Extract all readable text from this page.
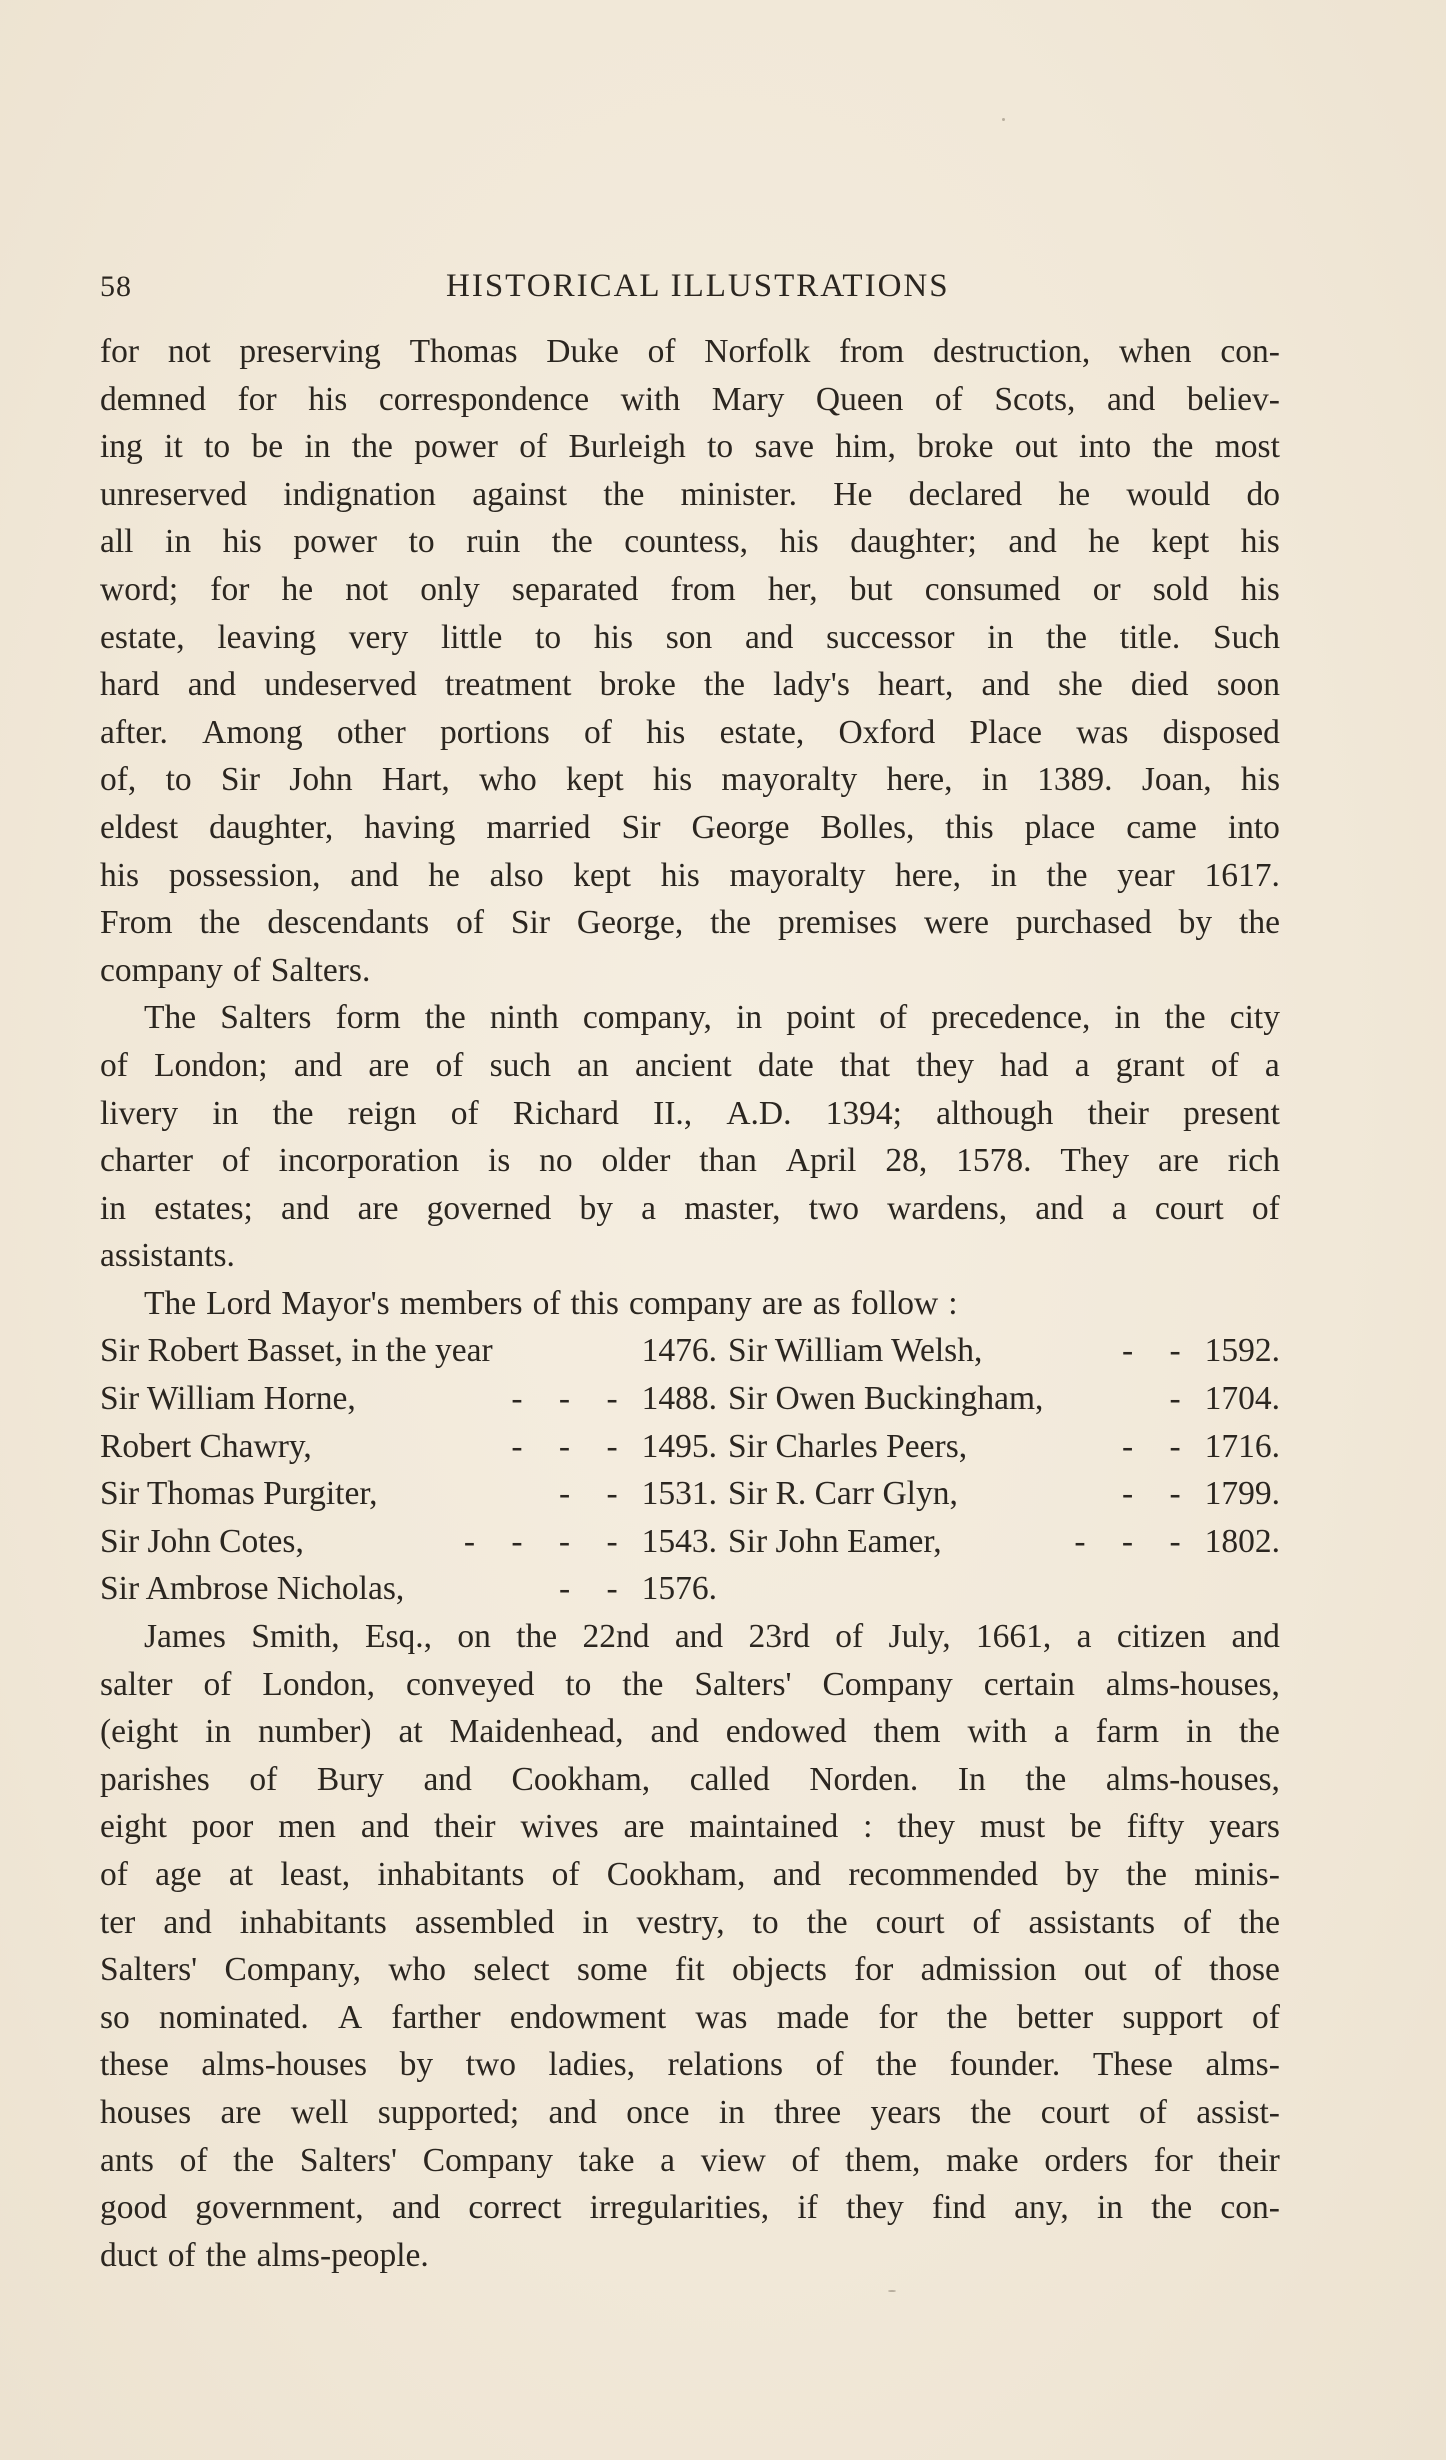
58	HISTORICAL ILLUSTRATIONS
for not preserving Thomas Duke of Norfolk from destruction, when con-
demned for his correspondence with Mary Queen of Scots, and believ-
ing it to be in the power of Burleigh to save him, broke out into the most
unreserved indignation against the minister. He declared he would do
all in his power to ruin the countess, his daughter; and he kept his
word; for he not only separated from her, but consumed or sold his
estate, leaving very little to his son and successor in the title. Such
hard and undeserved treatment broke the lady's heart, and she died soon
after. Among other portions of his estate, Oxford Place was disposed
of, to Sir John Hart, who kept his mayoralty here, in 1389. Joan, his
eldest daughter, having married Sir George Bolles, this place came into
his possession, and he also kept his mayoralty here, in the year 1617.
From the descendants of Sir George, the premises were purchased by the
company of Salters.
The Salters form the ninth company, in point of precedence, in the city
of London; and are of such an ancient date that they had a grant of a
livery in the reign of Richard II., A.D. 1394; although their present
charter of incorporation is no older than April 28, 1578. They are rich
in estates; and are governed by a master, two wardens, and a court of
assistants.
The Lord Mayor's members of this company are as follow :
Sir Robert Basset, in the year	1476. Sir William Welsh,	- - 1592.
Sir William Horne,	- - - 1488. Sir Owen Buckingham,	- 1704.
Robert Chawry,	- - - 1495. Sir Charles Peers,	- - 1716.
Sir Thomas Purgiter,	- - 1531. Sir R. Carr Glyn,	- - 1799.
Sir John Cotes,	- - - - 1543. Sir John Eamer,	- - - 1802.
Sir Ambrose Nicholas,	- - 1576.
James Smith, Esq., on the 22nd and 23rd of July, 1661, a citizen and
salter of London, conveyed to the Salters' Company certain alms-houses,
(eight in number) at Maidenhead, and endowed them with a farm in the
parishes of Bury and Cookham, called Norden. In the alms-houses,
eight poor men and their wives are maintained : they must be fifty years
of age at least, inhabitants of Cookham, and recommended by the minis-
ter and inhabitants assembled in vestry, to the court of assistants of the
Salters' Company, who select some fit objects for admission out of those
so nominated. A farther endowment was made for the better support of
these alms-houses by two ladies, relations of the founder. These alms-
houses are well supported; and once in three years the court of assist-
ants of the Salters' Company take a view of them, make orders for their
good government, and correct irregularities, if they find any, in the con-
duct of the alms-people.
